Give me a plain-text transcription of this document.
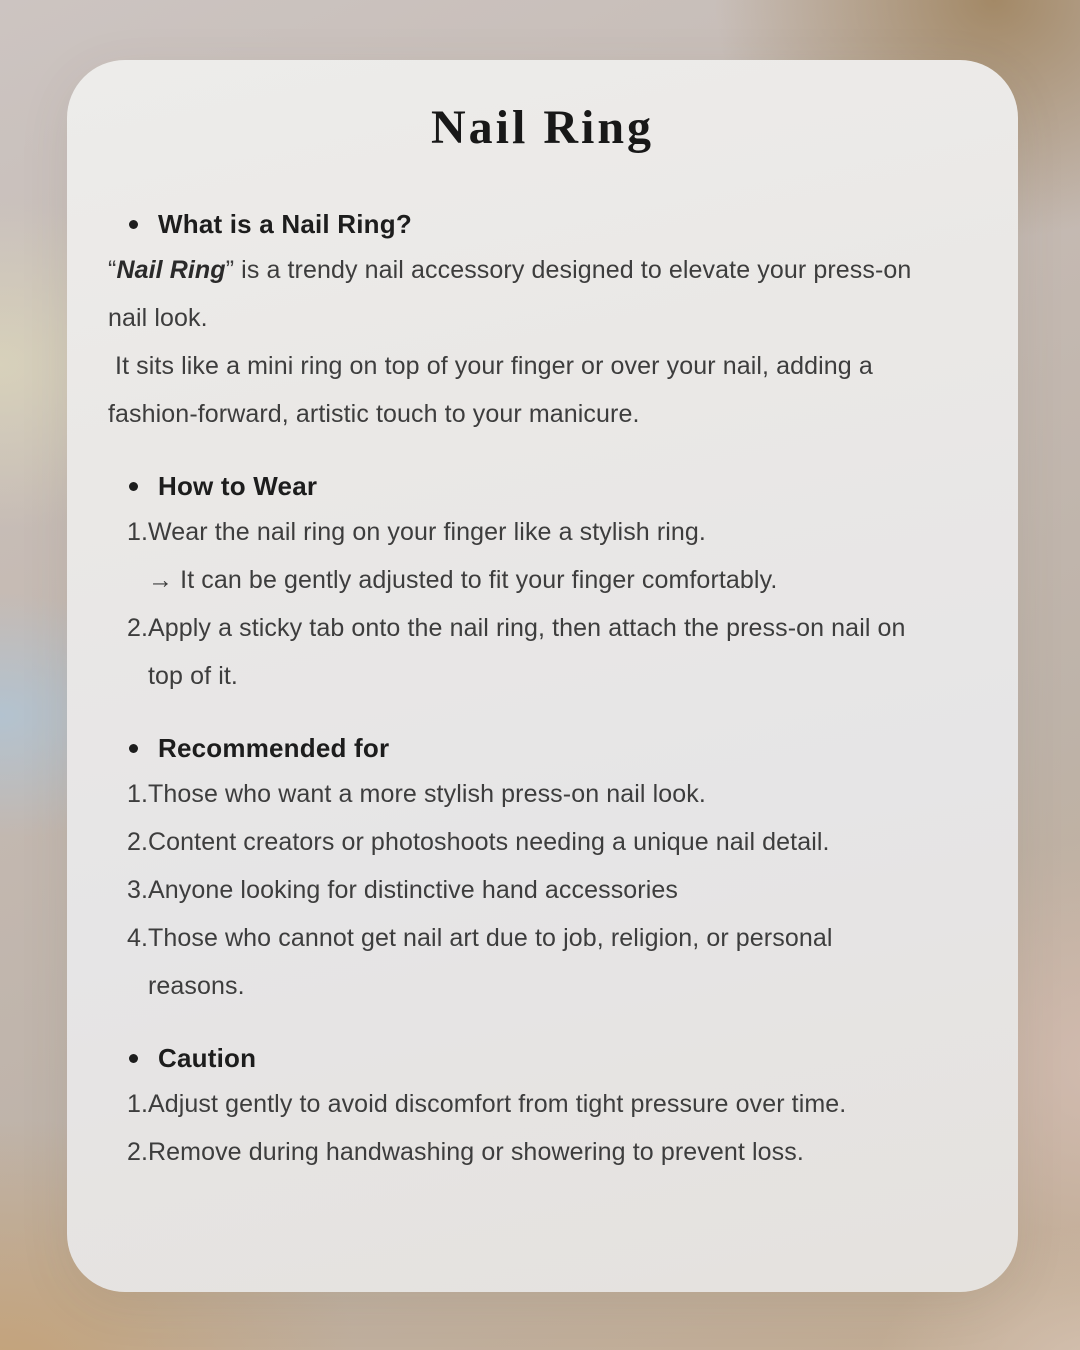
Nail Ring
What is a Nail Ring?
“Nail Ring” is a trendy nail accessory designed to elevate your press-on
nail look.
It sits like a mini ring on top of your finger or over your nail, adding a
fashion-forward, artistic touch to your manicure.
How to Wear
1. Wear the nail ring on your finger like a stylish ring.
→ It can be gently adjusted to fit your finger comfortably.
2. Apply a sticky tab onto the nail ring, then attach the press-on nail on
top of it.
Recommended for
1. Those who want a more stylish press-on nail look.
2. Content creators or photoshoots needing a unique nail detail.
3. Anyone looking for distinctive hand accessories
4. Those who cannot get nail art due to job, religion, or personal
reasons.
Caution
1. Adjust gently to avoid discomfort from tight pressure over time.
2. Remove during handwashing or showering to prevent loss.
